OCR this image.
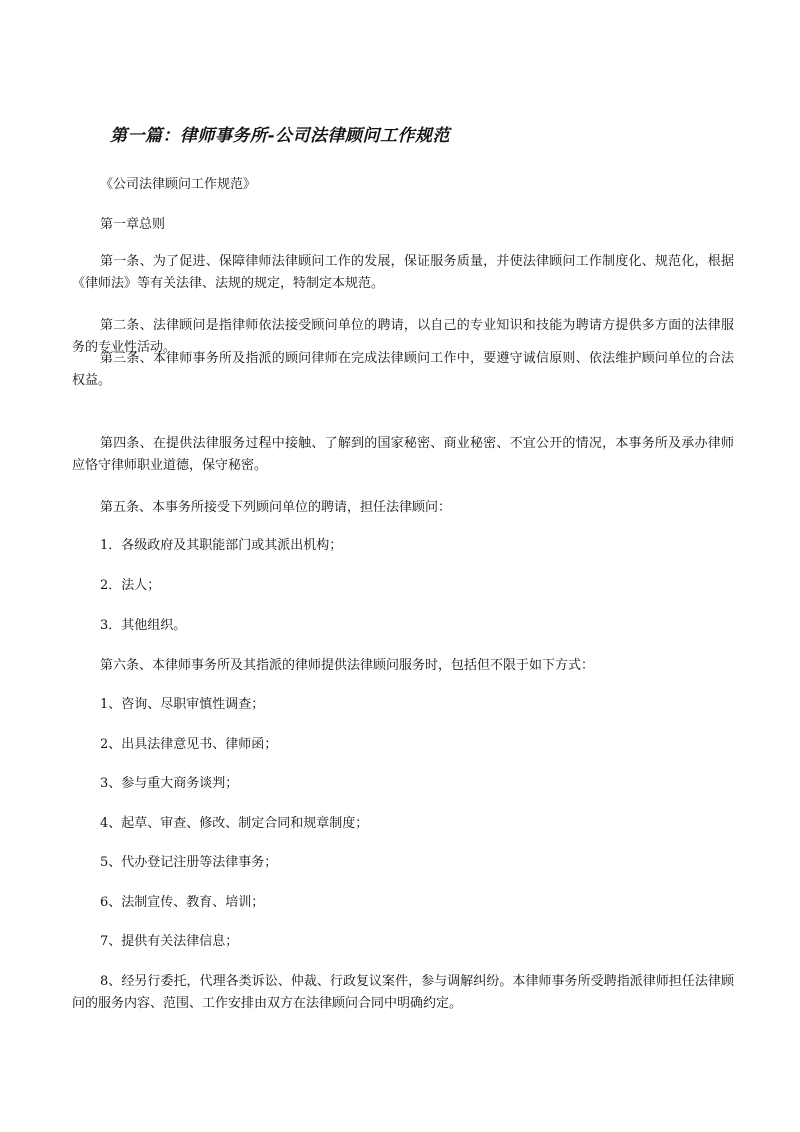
第一篇：律师事务所-公司法律顾问工作规范
《公司法律顾问工作规范》
第一章总则
第一条、为了促进、保障律师法律顾问工作的发展，保证服务质量，并使法律顾问工作制度化、规范化，根据《律师法》等有关法律、法规的规定，特制定本规范。
第二条、法律顾问是指律师依法接受顾问单位的聘请，以自己的专业知识和技能为聘请方提供多方面的法律服务的专业性活动。
第三条、本律师事务所及指派的顾问律师在完成法律顾问工作中，要遵守诚信原则、依法维护顾问单位的合法权益。
第四条、在提供法律服务过程中接触、了解到的国家秘密、商业秘密、不宜公开的情况，本事务所及承办律师应恪守律师职业道德，保守秘密。
第五条、本事务所接受下列顾问单位的聘请，担任法律顾问：
1．各级政府及其职能部门或其派出机构；
2．法人；
3．其他组织。
第六条、本律师事务所及其指派的律师提供法律顾问服务时，包括但不限于如下方式：
1、咨询、尽职审慎性调查；
2、出具法律意见书、律师函；
3、参与重大商务谈判；
4、起草、审查、修改、制定合同和规章制度；
5、代办登记注册等法律事务；
6、法制宣传、教育、培训；
7、提供有关法律信息；
8、经另行委托，代理各类诉讼、仲裁、行政复议案件，参与调解纠纷。本律师事务所受聘指派律师担任法律顾问的服务内容、范围、工作安排由双方在法律顾问合同中明确约定。
